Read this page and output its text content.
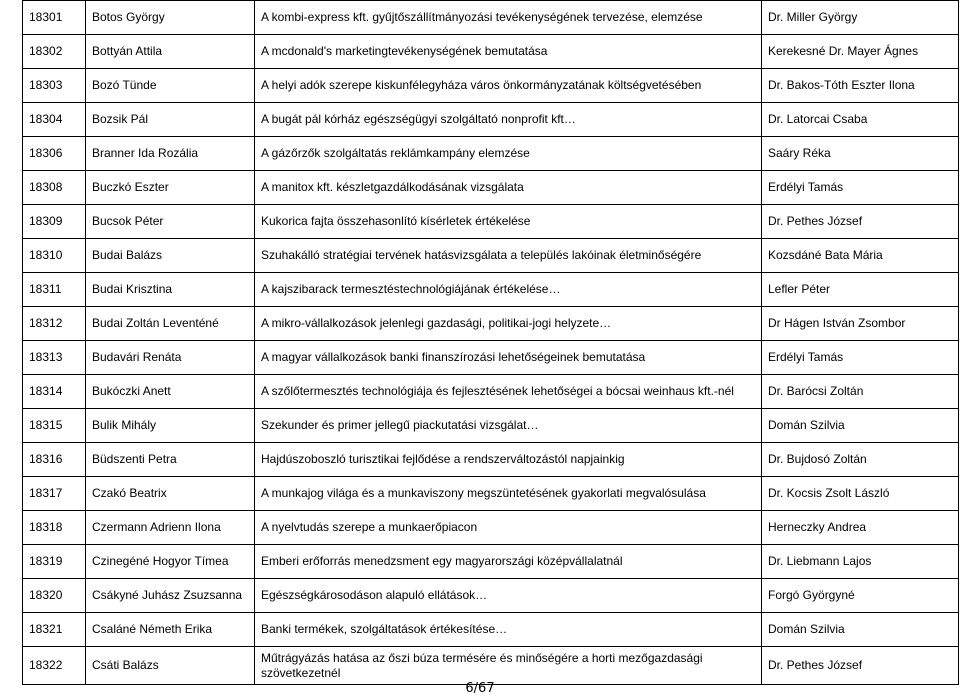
18301	Botos György	A kombi-express kft. gyűjtőszállítmányozási tevékenységének tervezése, elemzése	Dr. Miller György
18302	Bottyán Attila	A mcdonald's marketingtevékenységének bemutatása	Kerekesné Dr. Mayer Ágnes
18303	Bozó Tünde	A helyi adók szerepe kiskunfélegyháza város önkormányzatának költségvetésében	Dr. Bakos-Tóth Eszter Ilona
18304	Bozsik Pál	A bugát pál kórház egészségügyi szolgáltató nonprofit kft…	Dr. Latorcai Csaba
18306	Branner Ida Rozália	A gázőrzők szolgáltatás reklámkampány elemzése	Saáry Réka
18308	Buczkó Eszter	A manitox kft. készletgazdálkodásának vizsgálata	Erdélyi Tamás
18309	Bucsok Péter	Kukorica fajta összehasonlító kísérletek értékelése	Dr. Pethes József
18310	Budai Balázs	Szuhakálló stratégiai tervének hatásvizsgálata a település lakóinak életminőségére	Kozsdáné Bata Mária
18311	Budai Krisztina	A kajszibarack termesztéstechnológiájának értékelése…	Lefler Péter
18312	Budai Zoltán Leventéné	A mikro-vállalkozások jelenlegi gazdasági, politikai-jogi helyzete…	Dr Hágen István Zsombor
18313	Budavári Renáta	A magyar vállalkozások banki finanszírozási lehetőségeinek bemutatása	Erdélyi Tamás
18314	Bukóczki Anett	A szőlőtermesztés technológiája és fejlesztésének lehetőségei a bócsai weinhaus kft.-nél	Dr. Barócsi Zoltán
18315	Bulik Mihály	Szekunder és primer jellegű piackutatási vizsgálat…	Domán Szilvia
18316	Büdszenti Petra	Hajdúszoboszló turisztikai fejlődése a rendszerváltozástól napjainkig	Dr. Bujdosó Zoltán
18317	Czakó Beatrix	A munkajog világa és a munkaviszony megszüntetésének gyakorlati megvalósulása	Dr. Kocsis Zsolt László
18318	Czermann Adrienn Ilona	A nyelvtudás szerepe a munkaerőpiacon	Herneczky Andrea
18319	Czinegéné Hogyor Tímea	Emberi erőforrás menedzsment egy magyarországi középvállalatnál	Dr. Liebmann Lajos
18320	Csákyné Juhász Zsuzsanna	Egészségkárosodáson alapuló ellátások…	Forgó Györgyné
18321	Csaláné Németh Erika	Banki termékek, szolgáltatások értékesítése…	Domán Szilvia
18322	Csáti Balázs	Műtrágyázás hatása az őszi búza termésére és minőségére a horti mezőgazdasági szövetkezetnél	Dr. Pethes József
6/67
